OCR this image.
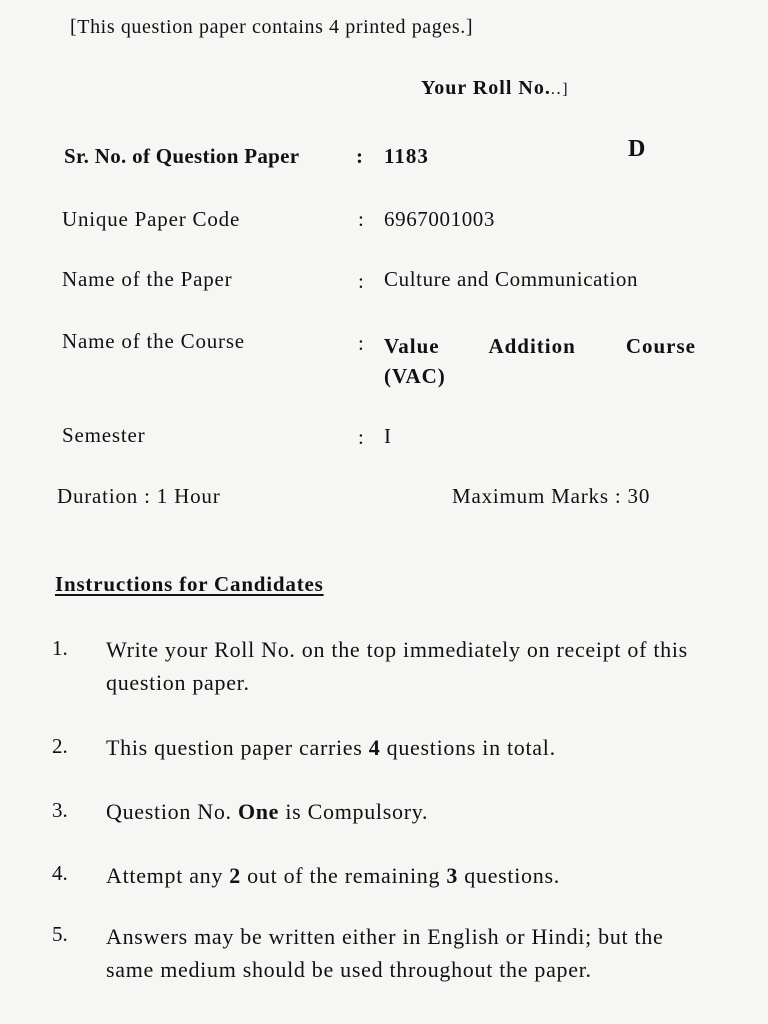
[This question paper contains 4 printed pages.]
Your Roll No..․]
Sr. No. of Question Paper	: 1183	D
Unique Paper Code	: 6967001003
Name of the Paper	: Culture and Communication
Name of the Course	: Value Addition Course
(VAC)
Semester	: I
Duration : 1 Hour	Maximum Marks : 30
Instructions for Candidates
1. Write your Roll No. on the top immediately on receipt of this question paper.
2. This question paper carries 4 questions in total.
3. Question No. One is Compulsory.
4. Attempt any 2 out of the remaining 3 questions.
5. Answers may be written either in English or Hindi; but the same medium should be used throughout the paper.
